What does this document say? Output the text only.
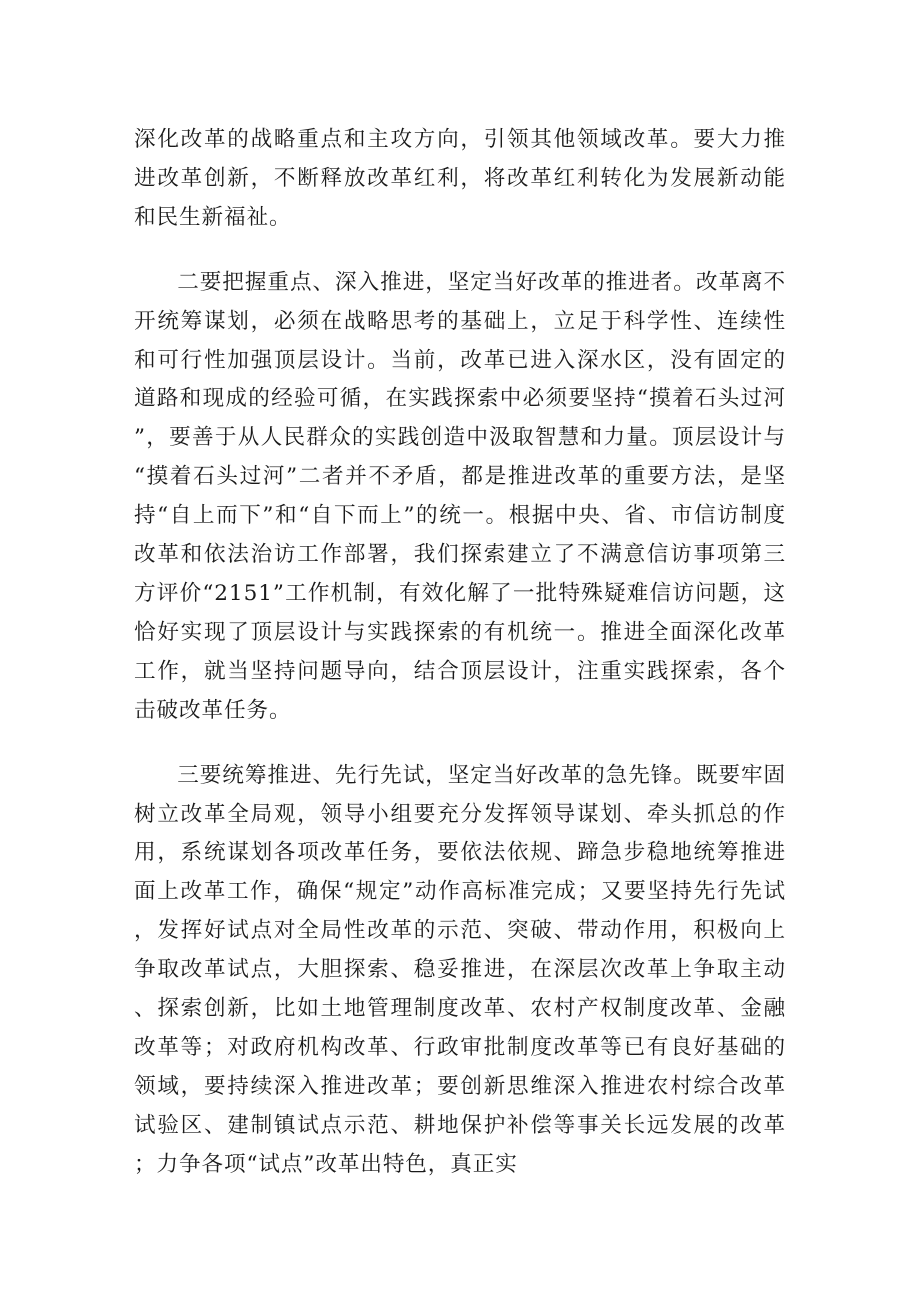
深化改革的战略重点和主攻方向，引领其他领域改革。要大力推进改革创新，不断释放改革红利，将改革红利转化为发展新动能和民生新福祉。

二要把握重点、深入推进，坚定当好改革的推进者。改革离不开统筹谋划，必须在战略思考的基础上，立足于科学性、连续性和可行性加强顶层设计。当前，改革已进入深水区，没有固定的道路和现成的经验可循，在实践探索中必须要坚持“摸着石头过河”，要善于从人民群众的实践创造中汲取智慧和力量。顶层设计与“摸着石头过河”二者并不矛盾，都是推进改革的重要方法，是坚持“自上而下”和“自下而上”的统一。根据中央、省、市信访制度改革和依法治访工作部署，我们探索建立了不满意信访事项第三方评价“2151”工作机制，有效化解了一批特殊疑难信访问题，这恰好实现了顶层设计与实践探索的有机统一。推进全面深化改革工作，就当坚持问题导向，结合顶层设计，注重实践探索，各个击破改革任务。

三要统筹推进、先行先试，坚定当好改革的急先锋。既要牢固树立改革全局观，领导小组要充分发挥领导谋划、牵头抓总的作用，系统谋划各项改革任务，要依法依规、蹄急步稳地统筹推进面上改革工作，确保“规定”动作高标准完成；又要坚持先行先试，发挥好试点对全局性改革的示范、突破、带动作用，积极向上争取改革试点，大胆探索、稳妥推进，在深层次改革上争取主动、探索创新，比如土地管理制度改革、农村产权制度改革、金融改革等；对政府机构改革、行政审批制度改革等已有良好基础的领域，要持续深入推进改革；要创新思维深入推进农村综合改革试验区、建制镇试点示范、耕地保护补偿等事关长远发展的改革；力争各项“试点”改革出特色，真正实
